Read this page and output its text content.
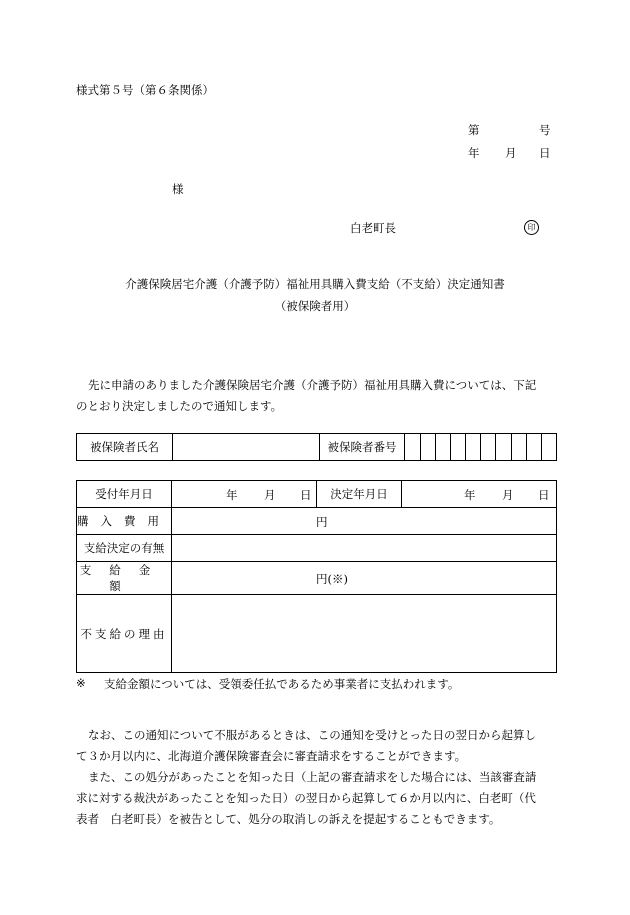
様式第５号（第６条関係）
第	号
年 月 日
様
白老町長	印
介護保険居宅介護（介護予防）福祉用具購入費支給（不支給）決定通知書
（被保険者用）
先に申請のありました介護保険居宅介護（介護予防）福祉用具購入費については、下記
のとおり決定しましたので通知します。
被保険者氏名		被保険者番号										
受付年月日	年 月 日	決定年月日	年 月 日

購入費用	円		

支給決定の有無			
支給金額	円(※)		

不支給の理由			
※ 支給金額については、受領委任払であるため事業者に支払われます。
なお、この通知について不服があるときは、この通知を受けとった日の翌日から起算し
て３か月以内に、北海道介護保険審査会に審査請求をすることができます。
また、この処分があったことを知った日（上記の審査請求をした場合には、当該審査請
求に対する裁決があったことを知った日）の翌日から起算して６か月以内に、白老町（代
表者　白老町長）を被告として、処分の取消しの訴えを提起することもできます。
